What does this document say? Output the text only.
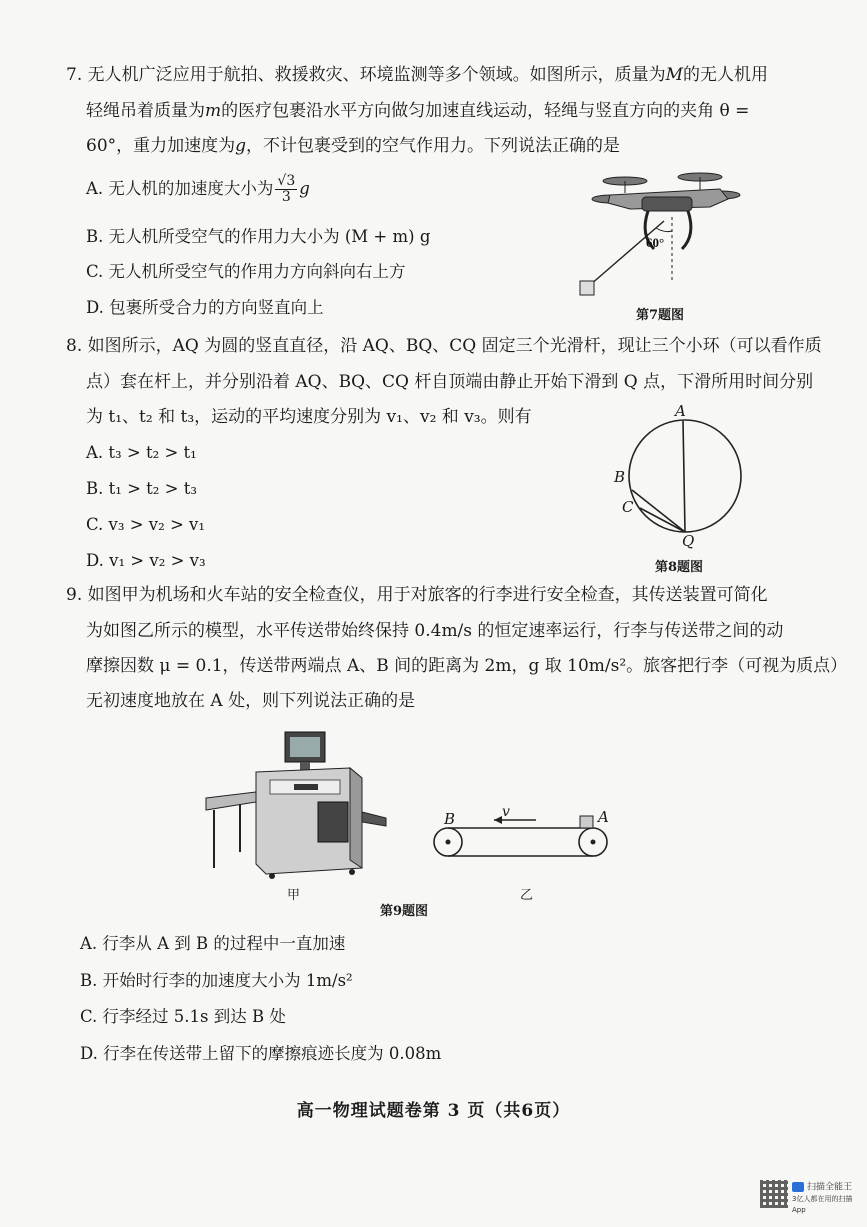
7. 无人机广泛应用于航拍、救援救灾、环境监测等多个领域。如图所示，质量为M的无人机用
轻绳吊着质量为m的医疗包裹沿水平方向做匀加速直线运动，轻绳与竖直方向的夹角 θ =
60°，重力加速度为g，不计包裹受到的空气作用力。下列说法正确的是
A. 无人机的加速度大小为 $\frac{√3}{3}$ g
B. 无人机所受空气的作用力大小为 (M + m) g
C. 无人机所受空气的作用力方向斜向右上方
D. 包裹所受合力的方向竖直向上
60°
第7题图
8. 如图所示，AQ 为圆的竖直直径，沿 AQ、BQ、CQ 固定三个光滑杆，现让三个小环（可以看作质
点）套在杆上，并分别沿着 AQ、BQ、CQ 杆自顶端由静止开始下滑到 Q 点，下滑所用时间分别
为 t₁、t₂ 和 t₃，运动的平均速度分别为 v₁、v₂ 和 v₃。则有
A. t₃ > t₂ > t₁
B. t₁ > t₂ > t₃
C. v₃ > v₂ > v₁
D. v₁ > v₂ > v₃
A
B
C
Q
第8题图
9. 如图甲为机场和火车站的安全检查仪，用于对旅客的行李进行安全检查，其传送装置可简化
为如图乙所示的模型，水平传送带始终保持 0.4m/s 的恒定速率运行，行李与传送带之间的动
摩擦因数 μ = 0.1，传送带两端点 A、B 间的距离为 2m，g 取 10m/s²。旅客把行李（可视为质点）
无初速度地放在 A 处，则下列说法正确的是
甲
B	A
v
乙
第9题图
A. 行李从 A 到 B 的过程中一直加速
B. 开始时行李的加速度大小为 1m/s²
C. 行李经过 5.1s 到达 B 处
D. 行李在传送带上留下的摩擦痕迹长度为 0.08m
高一物理试题卷第 3 页（共6页）
扫描全能王
3亿人都在用的扫描App
